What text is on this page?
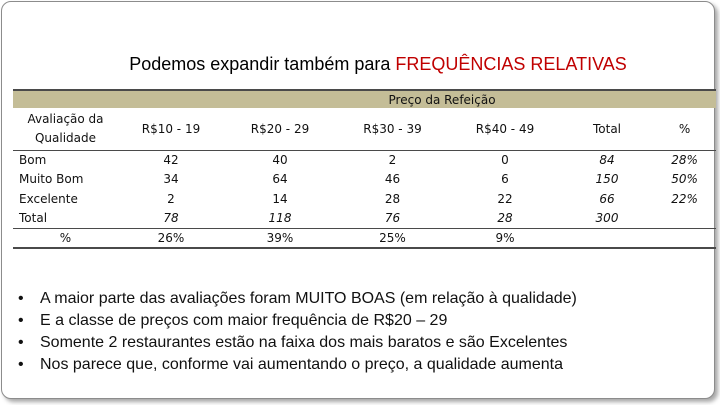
Podemos expandir também para FREQUÊNCIAS RELATIVAS
Preço da Refeição						
Avaliação da
Qualidade	R$10 - 19	R$20 - 29	R$30 - 39	R$40 - 49	Total	%
Bom	42	40	2	0	84	28%
Muito Bom	34	64	46	6	150	50%
Excelente	2	14	28	22	66	22%
Total	78	118	76	28	300	
%	26%	39%	25%	9%		
•	A maior parte das avaliações foram MUITO BOAS (em relação à qualidade)
•	E a classe de preços com maior frequência de R$20 – 29
•	Somente 2 restaurantes estão na faixa dos mais baratos e são Excelentes
•	Nos parece que, conforme vai aumentando o preço, a qualidade aumenta
